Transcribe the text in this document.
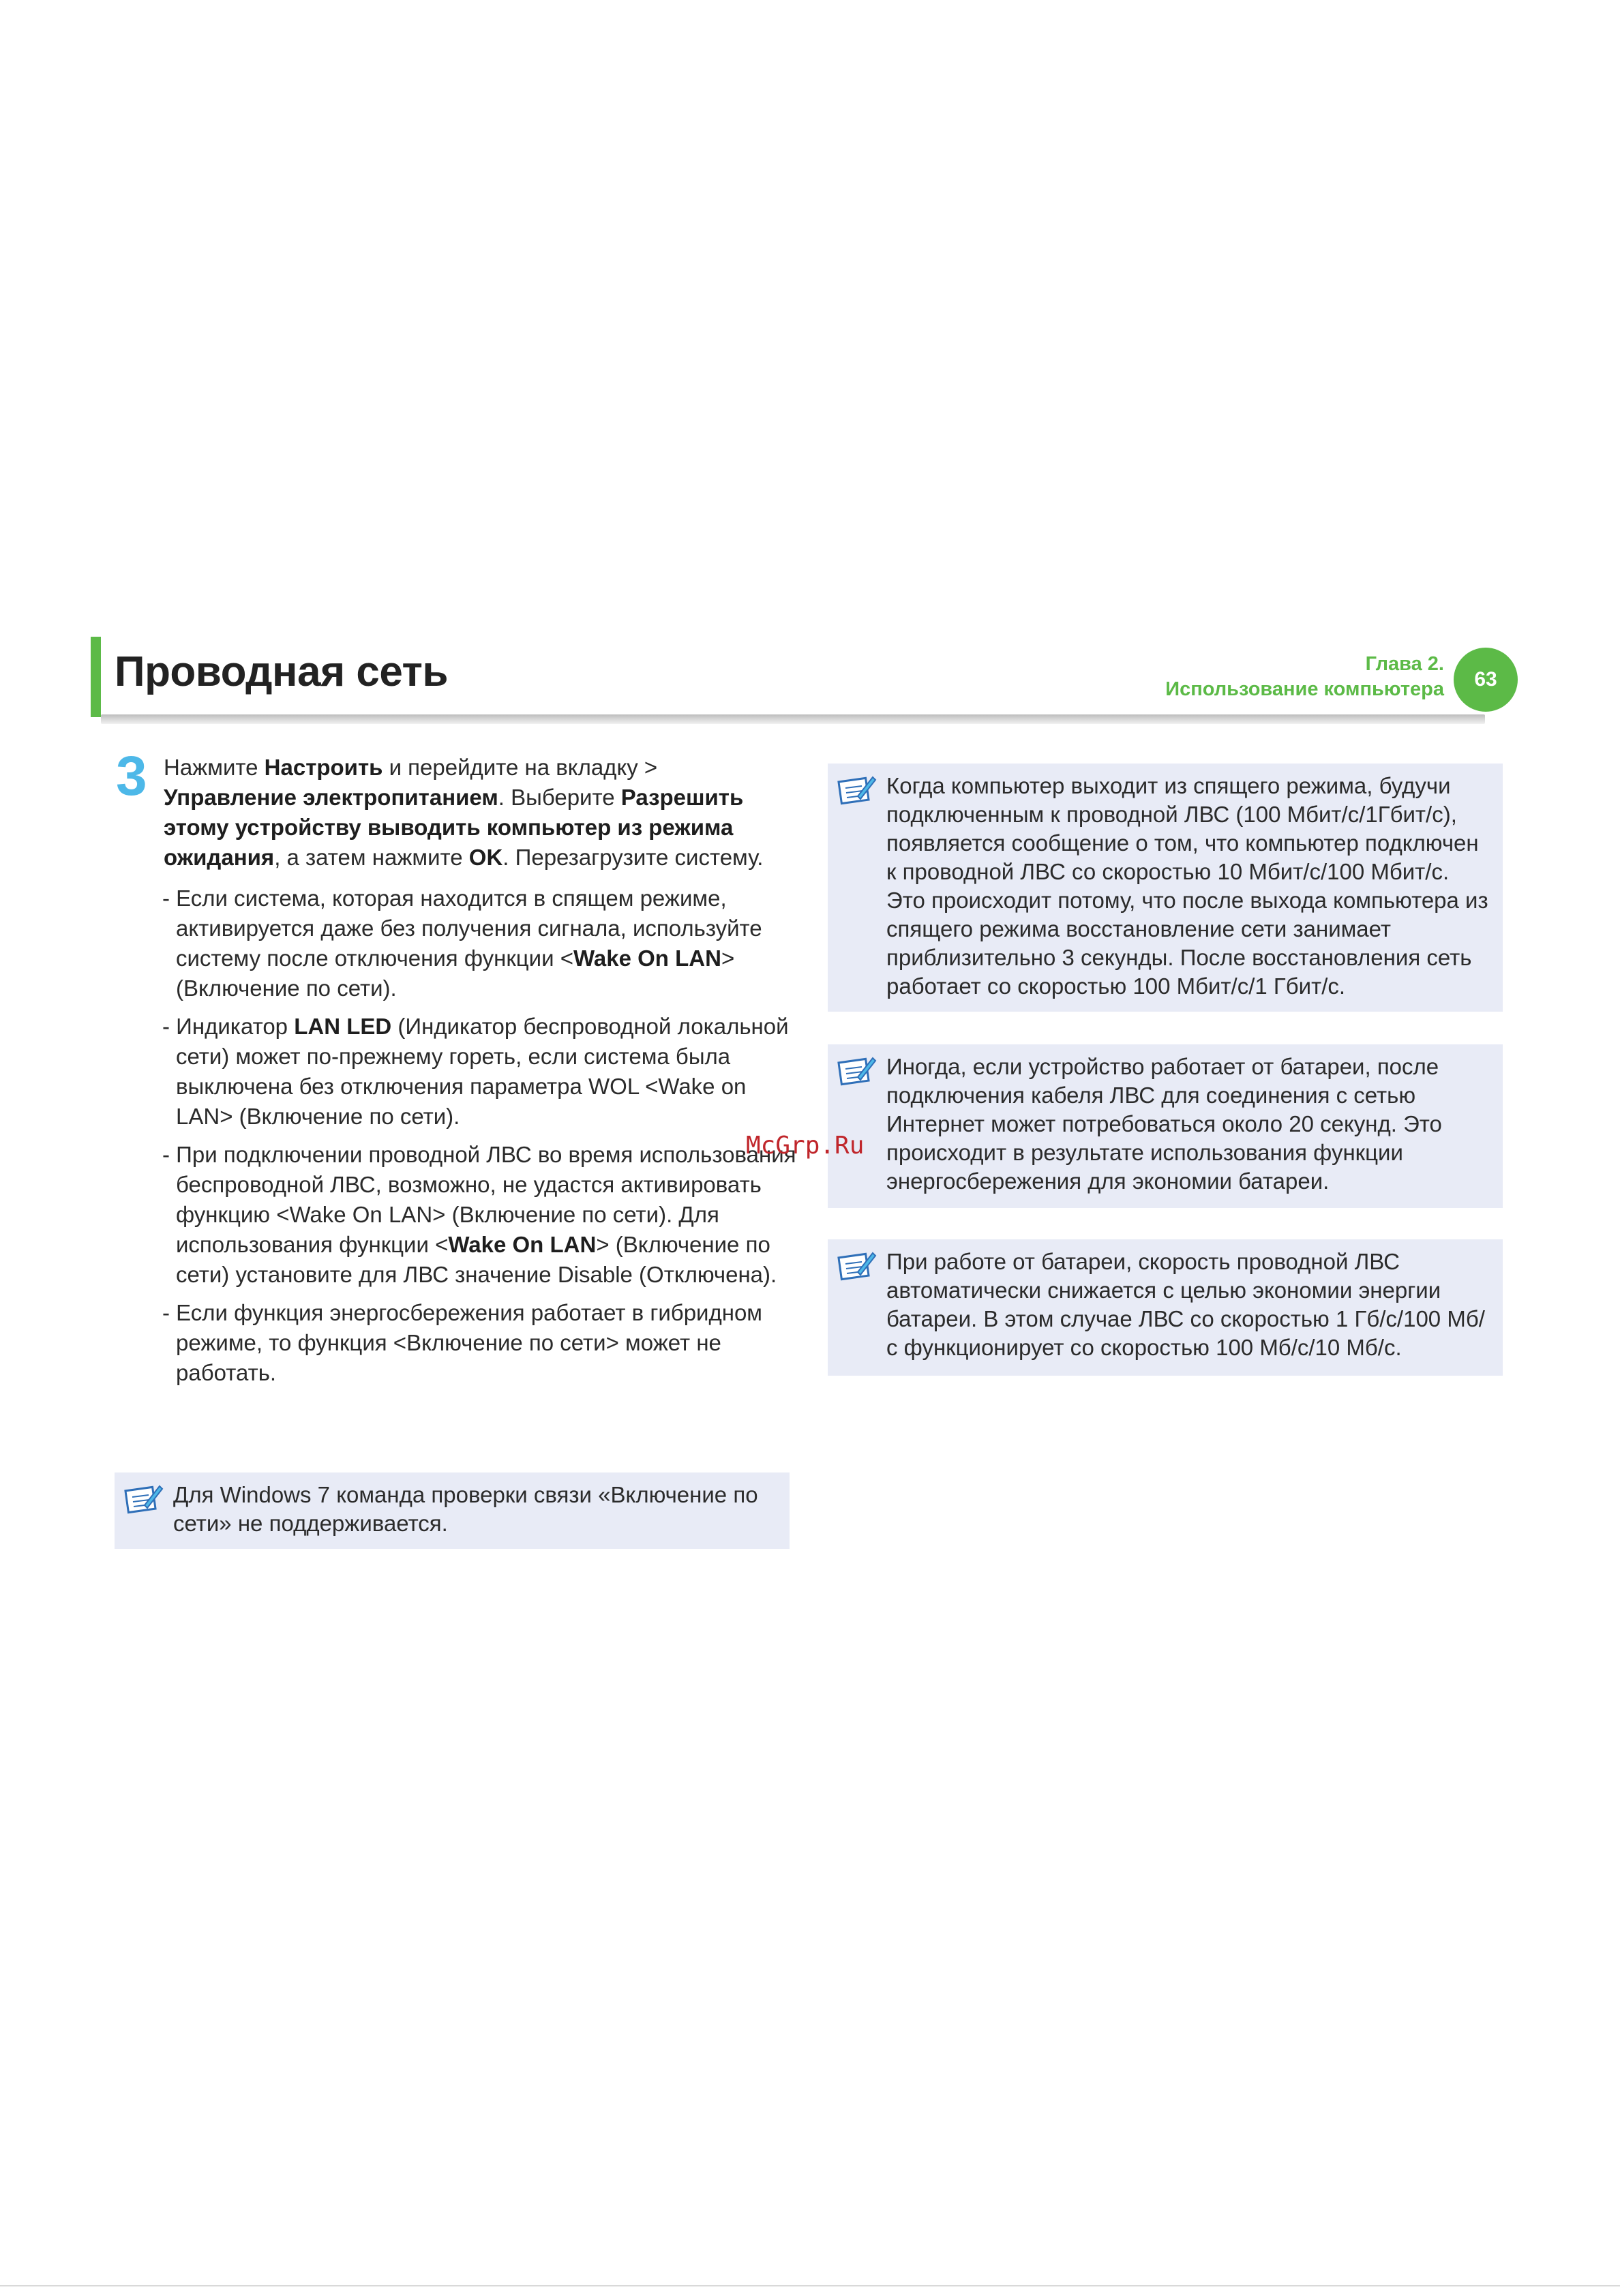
Проводная сеть	Глава 2.
Использование компьютера	63
3 Нажмите Настроить и перейдите на вкладку > Управление электропитанием. Выберите Разрешить этому устройству выводить компьютер из режима ожидания, а затем нажмите OK. Перезагрузите систему.
- Если система, которая находится в спящем режиме, активируется даже без получения сигнала, используйте систему после отключения функции <Wake On LAN> (Включение по сети).
- Индикатор LAN LED (Индикатор беспроводной локальной сети) может по-прежнему гореть, если система была выключена без отключения параметра WOL <Wake on LAN> (Включение по сети).
- При подключении проводной ЛВС во время использования беспроводной ЛВС, возможно, не удастся активировать функцию <Wake On LAN> (Включение по сети). Для использования функции <Wake On LAN> (Включение по сети) установите для ЛВС значение Disable (Отключена).
- Если функция энергосбережения работает в гибридном режиме, то функция <Включение по сети> может не работать.
Когда компьютер выходит из спящего режима, будучи подключенным к проводной ЛВС (100 Мбит/с/1Гбит/с), появляется сообщение о том, что компьютер подключен к проводной ЛВС со скоростью 10 Мбит/с/100 Мбит/с. Это происходит потому, что после выхода компьютера из спящего режима восстановление сети занимает приблизительно 3 секунды. После восстановления сеть работает со скоростью 100 Мбит/с/1 Гбит/с.
Иногда, если устройство работает от батареи, после подключения кабеля ЛВС для соединения с сетью Интернет может потребоваться около 20 секунд. Это происходит в результате использования функции энергосбережения для экономии батареи.
При работе от батареи, скорость проводной ЛВС автоматически снижается с целью экономии энергии батареи. В этом случае ЛВС со скоростью 1 Гб/с/100 Мб/с функционирует со скоростью 100 Мб/с/10 Мб/с.
Для Windows 7 команда проверки связи «Включение по сети» не поддерживается.
McGrp.Ru
